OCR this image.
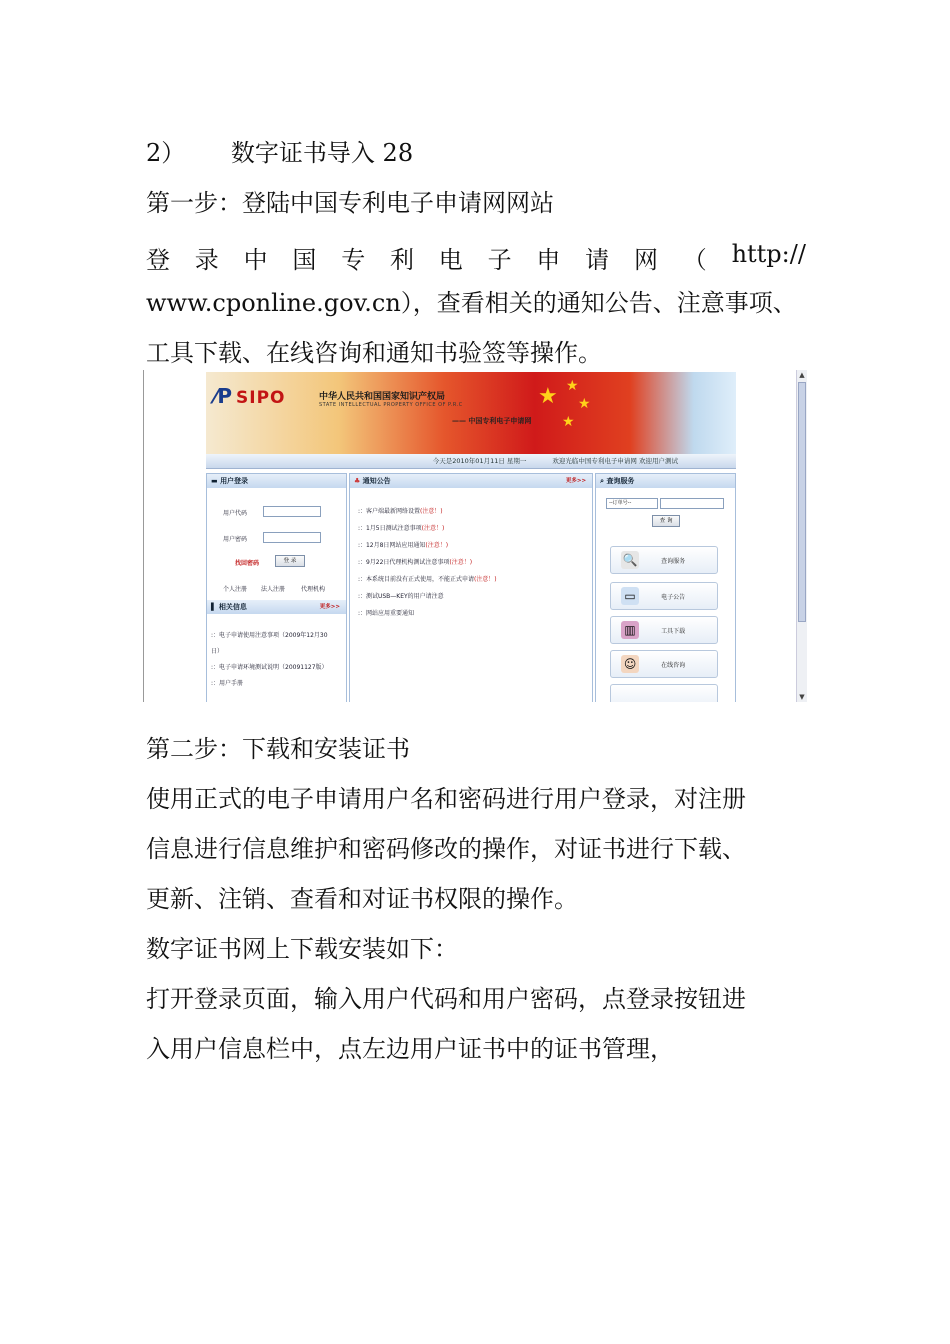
2） 数字证书导入 28
第一步：登陆中国专利电子申请网网站
登 录 中 国 专 利 电 子 申 请 网 （ http://
www.cponline.gov.cn），查看相关的通知公告、注意事项、
工具下载、在线咨询和通知书验签等操作。
⁄P SIPO	中华人民共和国国家知识产权局
STATE INTELLECTUAL PROPERTY OFFICE OF P.R.C
—— 中国专利电子申请网
★ ★
★
★
今天是2010年01月11日 星期一	欢迎光临中国专利电子申请网 欢迎用户测试
▬ 用户登录
用户代码
用户密码
找回密码	登 录
个人注册 法人注册	代理机构
▌ 相关信息	更多>>
:：电子申请使用注意事项（2009年12月30
日）
:：电子申请环境测试说明（20091127版）
:：用户手册
♣ 通知公告	更多>>
:：客户端最新网络设置(注意！)
:：1月5日测试注意事项(注意！)
:：12月8日网站应用通知(注意！)
:：9月22日代理机构测试注意事项(注意！)
:：本系统目前没有正式使用，不能正式申请(注意！)
:：测试USB—KEY的用户请注意
:：网站应用重要通知
⌕ 查询服务
--订单号--
查 询
🔍	查询服务
▭	电子公告
▥	工具下载
☺	在线咨询
▲
▼
第二步：下载和安装证书
使用正式的电子申请用户名和密码进行用户登录，对注册
信息进行信息维护和密码修改的操作，对证书进行下载、
更新、注销、查看和对证书权限的操作。
数字证书网上下载安装如下：
打开登录页面，输入用户代码和用户密码，点登录按钮进
入用户信息栏中，点左边用户证书中的证书管理，
